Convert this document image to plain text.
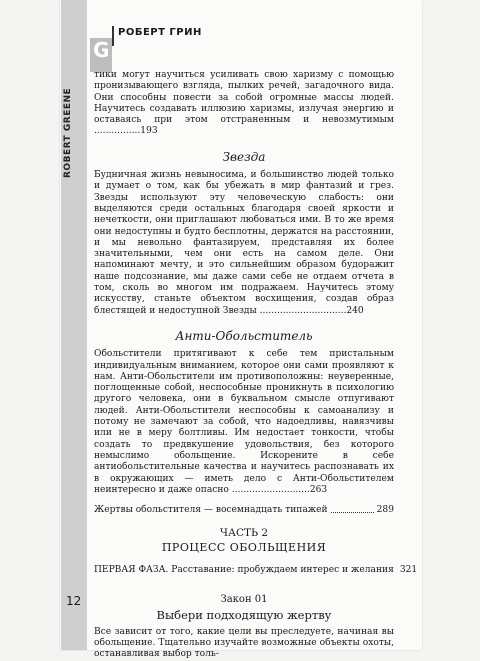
G
РОБЕРТ ГРИН
ROBERT GREENE

тики могут научиться усиливать свою харизму с помощью пронизывающего взгляда, пылких речей, загадочного вида. Они способны повести за собой огромные массы людей. Научитесь создавать иллюзию харизмы, излучая энергию и оставаясь при этом отстраненным и невозмутимым ................193

Звезда

Будничная жизнь невыносима, и большинство людей только и думает о том, как бы убежать в мир фантазий и грез. Звезды используют эту человеческую слабость: они выделяются среди остальных благодаря своей яркости и нечеткости, они приглашают любоваться ими. В то же время они недоступны и будто бесплотны, держатся на расстоянии, и мы невольно фантазируем, представляя их более значительными, чем они есть на самом деле. Они напоминают мечту, и это сильнейшим образом будоражит наше подсознание, мы даже сами себе не отдаем отчета в том, сколь во многом им подражаем. Научитесь этому искусству, станьте объектом восхищения, создав образ блестящей и недоступной Звезды ..............................240

Анти-Обольститель

Обольстители притягивают к себе тем пристальным индивидуальным вниманием, которое они сами проявляют к нам. Анти-Обольстители им противоположны: неуверенные, поглощенные собой, неспособные проникнуть в психологию другого человека, они в буквальном смысле отпугивают людей. Анти-Обольстители неспособны к самоанализу и потому не замечают за собой, что надоедливы, навязчивы или не в меру болтливы. Им недостает тонкости, чтобы создать то предвкушение удовольствия, без которого немыслимо обольщение. Искорените в себе антиобольстительные качества и научитесь распознавать их в окружающих — иметь дело с Анти-Обольстителем неинтересно и даже опасно ...........................263

Жертвы обольстителя — восемнадцать типажей	289
ЧАСТЬ 2
ПРОЦЕСС ОБОЛЬЩЕНИЯ
ПЕРВАЯ ФАЗА. Расставание: пробуждаем интерес и желания 321
Закон 01
Выбери подходящую жертву

Все зависит от того, какие цели вы преследуете, начиная вы обольщение. Тщательно изучайте возможные объекты охоты, останавливая выбор толь-

12
